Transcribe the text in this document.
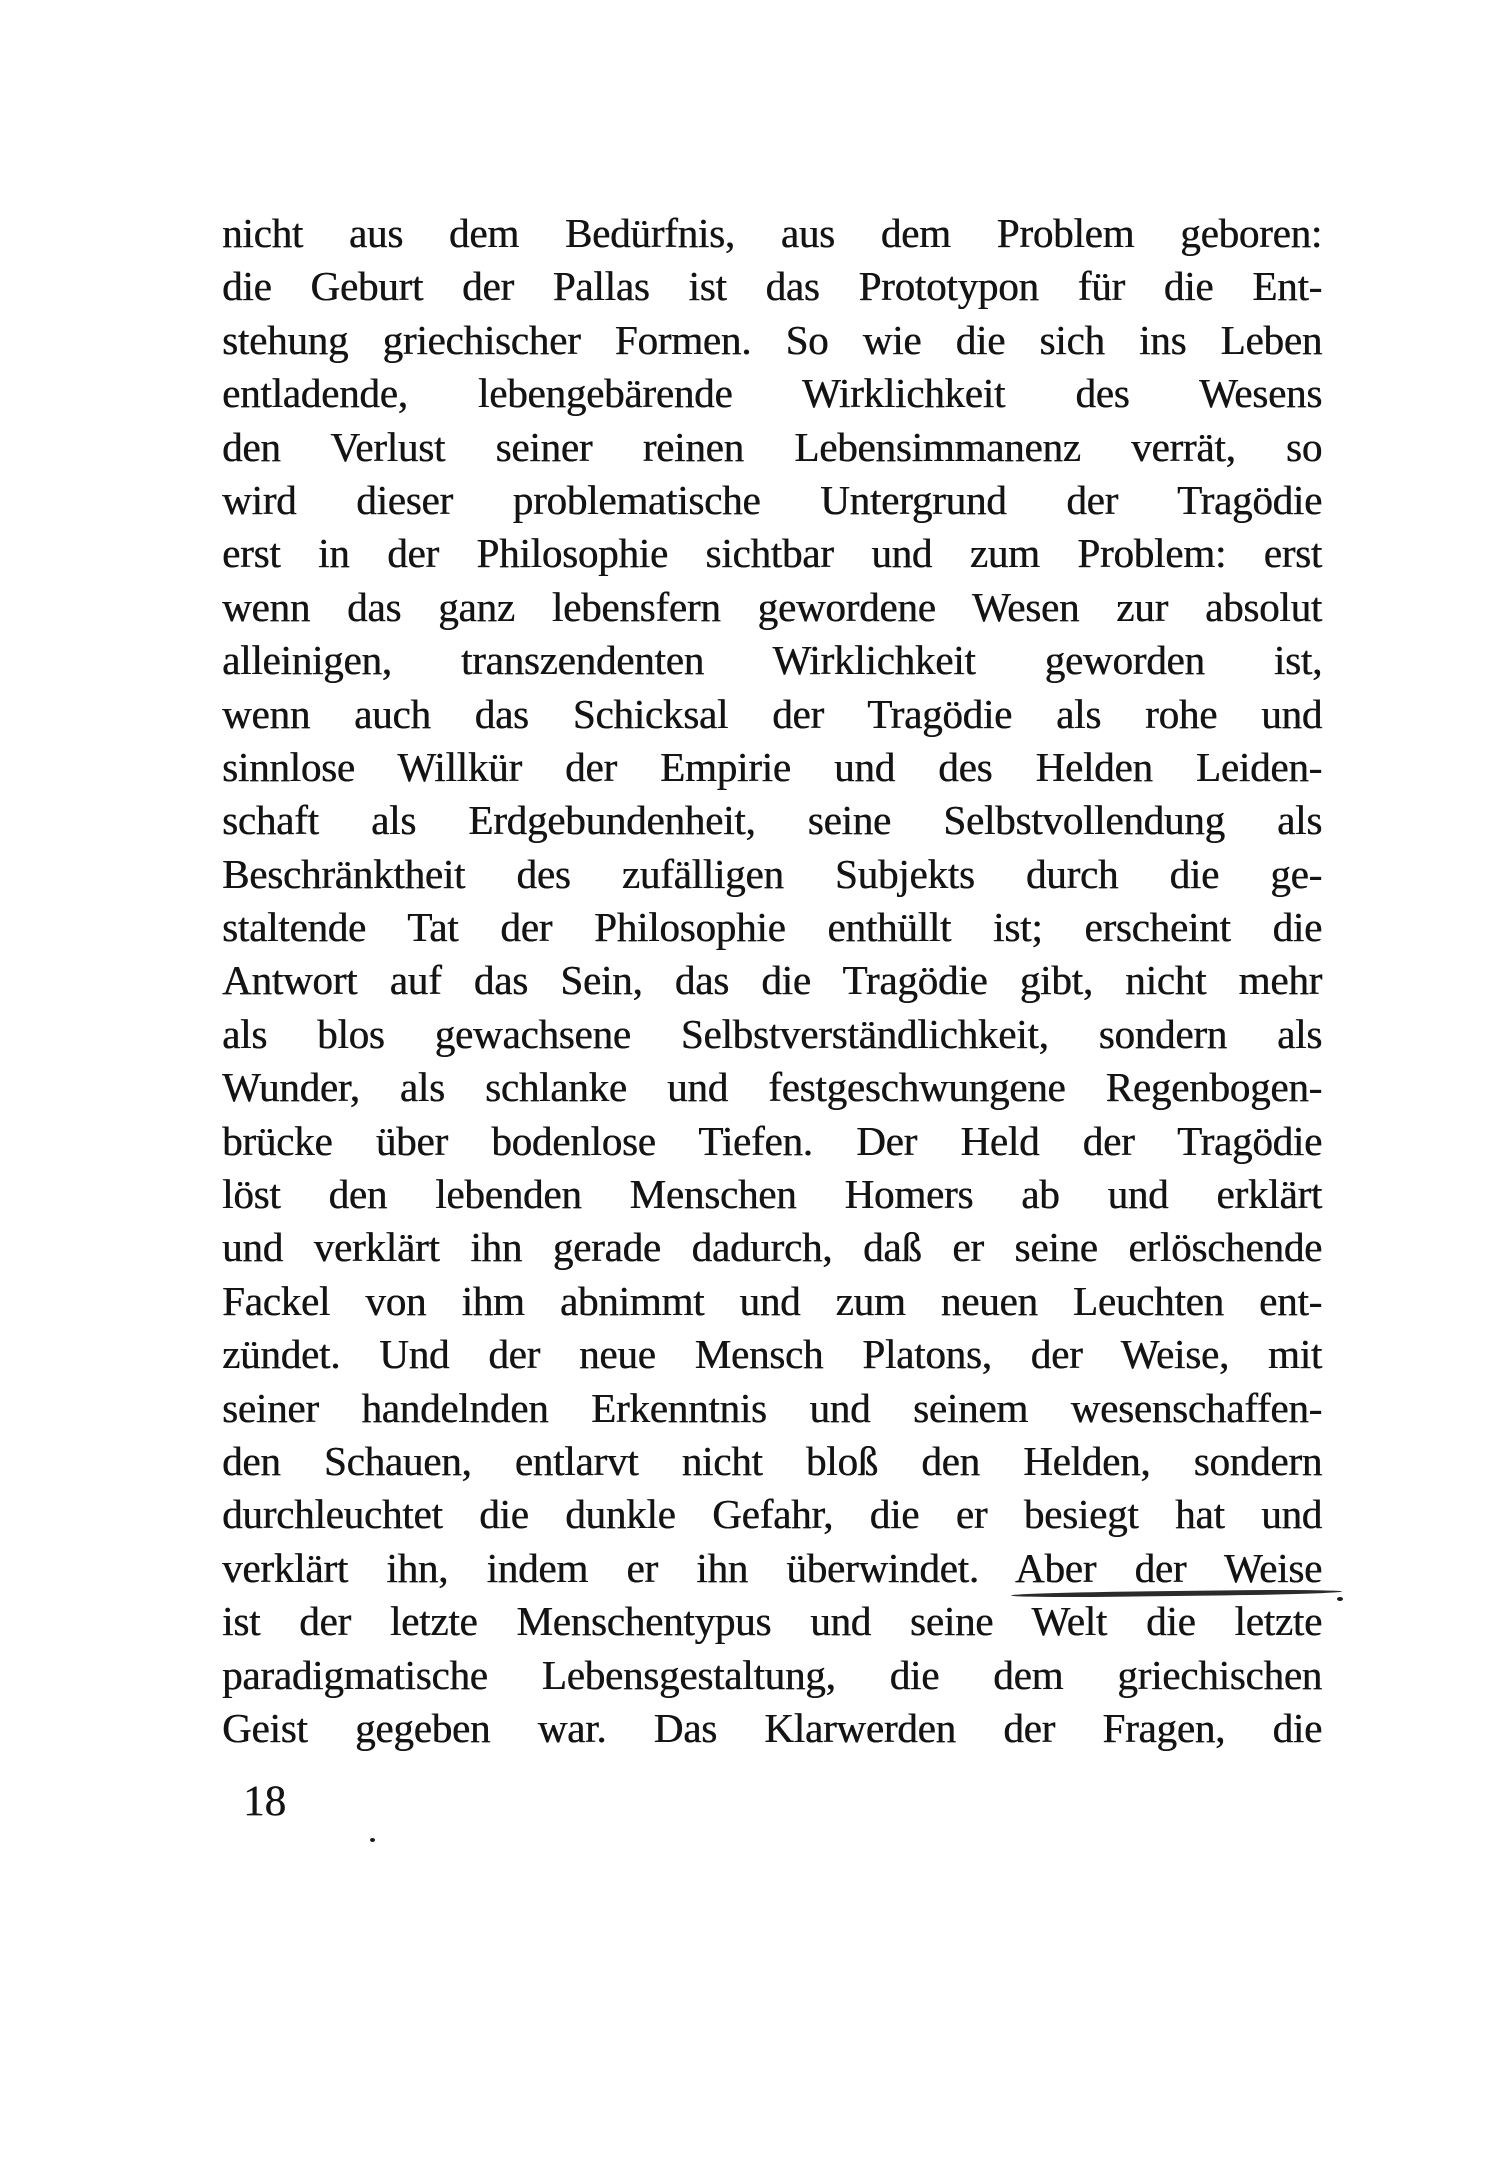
nicht aus dem Bedürfnis, aus dem Problem geboren:
die Geburt der Pallas ist das Prototypon für die Ent-
stehung griechischer Formen. So wie die sich ins Leben
entladende, lebengebärende Wirklichkeit des Wesens
den Verlust seiner reinen Lebensimmanenz verrät, so
wird dieser problematische Untergrund der Tragödie
erst in der Philosophie sichtbar und zum Problem: erst
wenn das ganz lebensfern gewordene Wesen zur absolut
alleinigen, transzendenten Wirklichkeit geworden ist,
wenn auch das Schicksal der Tragödie als rohe und
sinnlose Willkür der Empirie und des Helden Leiden-
schaft als Erdgebundenheit, seine Selbstvollendung als
Beschränktheit des zufälligen Subjekts durch die ge-
staltende Tat der Philosophie enthüllt ist; erscheint die
Antwort auf das Sein, das die Tragödie gibt, nicht mehr
als blos gewachsene Selbstverständlichkeit, sondern als
Wunder, als schlanke und festgeschwungene Regenbogen-
brücke über bodenlose Tiefen. Der Held der Tragödie
löst den lebenden Menschen Homers ab und erklärt
und verklärt ihn gerade dadurch, daß er seine erlöschende
Fackel von ihm abnimmt und zum neuen Leuchten ent-
zündet. Und der neue Mensch Platons, der Weise, mit
seiner handelnden Erkenntnis und seinem wesenschaffen-
den Schauen, entlarvt nicht bloß den Helden, sondern
durchleuchtet die dunkle Gefahr, die er besiegt hat und
verklärt ihn, indem er ihn überwindet. Aber der Weise
ist der letzte Menschentypus und seine Welt die letzte
paradigmatische Lebensgestaltung, die dem griechischen
Geist gegeben war. Das Klarwerden der Fragen, die
18
